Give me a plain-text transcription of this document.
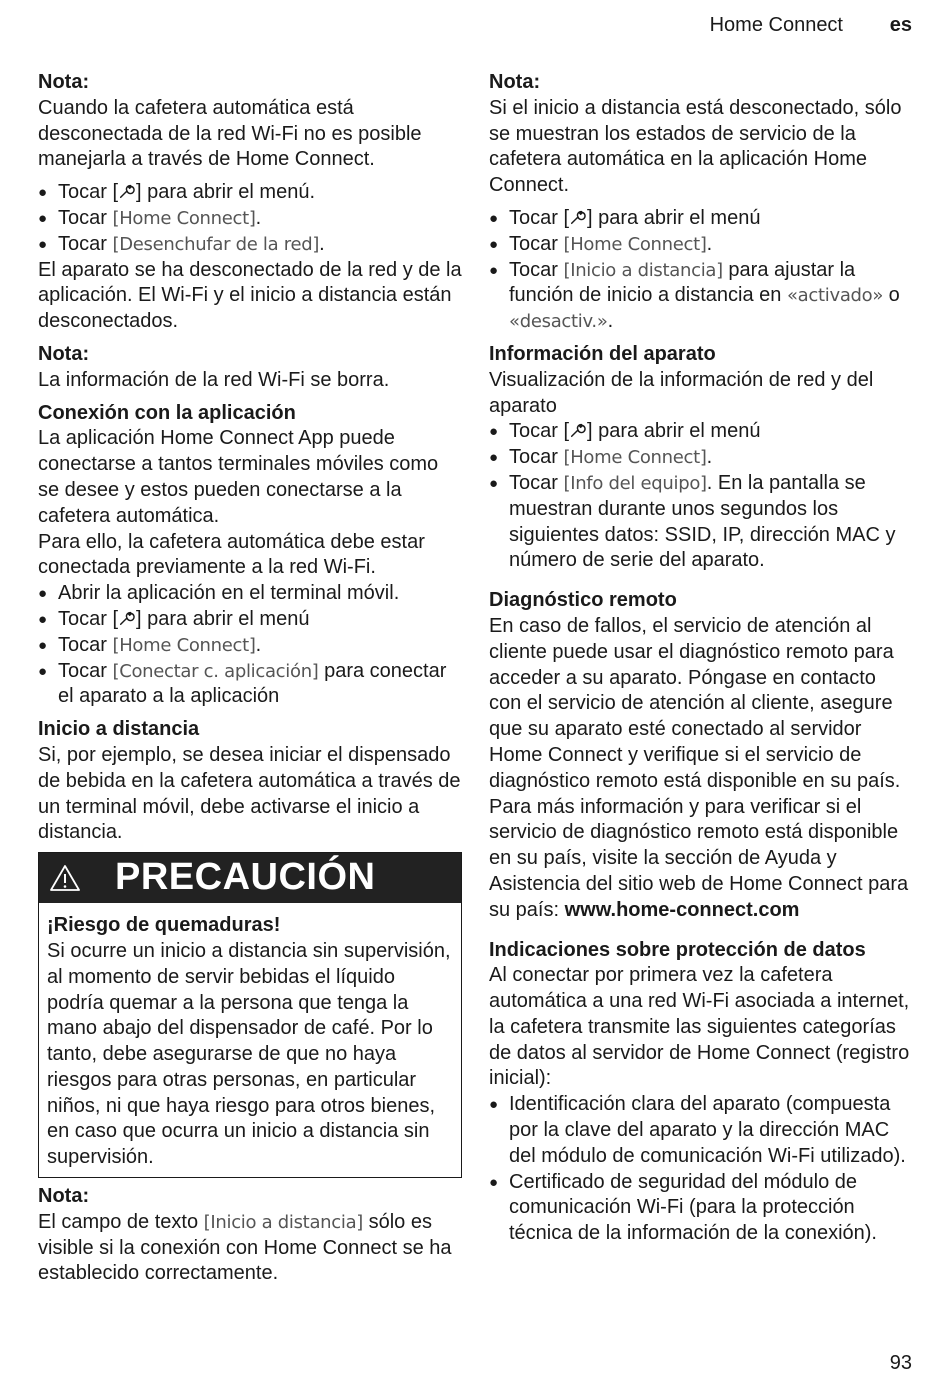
Home Connect es

Nota:

Cuando la cafetera automática está desconectada de la red Wi-Fi no es posible manejarla a través de Home Connect.

● Tocar [ ] para abrir el menú.
● Tocar [Home Connect].
● Tocar [Desenchufar de la red].

El aparato se ha desconectado de la red y de la aplicación. El Wi-Fi y el inicio a distancia están desconectados.

Nota:

La información de la red Wi-Fi se borra.

Conexión con la aplicación

La aplicación Home Connect App puede conectarse a tantos terminales móviles como se desee y estos pueden conectarse a la cafetera automática.

Para ello, la cafetera automática debe estar conectada previamente a la red Wi-Fi.

● Abrir la aplicación en el terminal móvil.
● Tocar [ ] para abrir el menú
● Tocar [Home Connect].
● Tocar [Conectar c. aplicación] para conectar el aparato a la aplicación

Inicio a distancia

Si, por ejemplo, se desea iniciar el dispensado de bebida en la cafetera automática a través de un terminal móvil, debe activarse el inicio a distancia.

PRECAUCIÓN

¡Riesgo de quemaduras!

Si ocurre un inicio a distancia sin supervisión, al momento de servir bebidas el líquido podría quemar a la persona que tenga la mano abajo del dispensador de café. Por lo tanto, debe asegurarse de que no haya riesgos para otras personas, en particular niños, ni que haya riesgo para otros bienes, en caso que ocurra un inicio a distancia sin supervisión.

Nota:

El campo de texto [Inicio a distancia] sólo es visible si la conexión con Home Connect se ha establecido correctamente.

Nota:

Si el inicio a distancia está desconectado, sólo se muestran los estados de servicio de la cafetera automática en la aplicación Home Connect.

● Tocar [ ] para abrir el menú
● Tocar [Home Connect].
● Tocar [Inicio a distancia] para ajustar la función de inicio a distancia en «activado» o «desactiv.».

Información del aparato

Visualización de la información de red y del aparato

● Tocar [ ] para abrir el menú
● Tocar [Home Connect].
● Tocar [Info del equipo]. En la pantalla se muestran durante unos segundos los siguientes datos: SSID, IP, dirección MAC y número de serie del aparato.

Diagnóstico remoto

En caso de fallos, el servicio de atención al cliente puede usar el diagnóstico remoto para acceder a su aparato. Póngase en contacto con el servicio de atención al cliente, asegure que su aparato esté conectado al servidor Home Connect y verifique si el servicio de diagnóstico remoto está disponible en su país.

Para más información y para verificar si el servicio de diagnóstico remoto está disponible en su país, visite la sección de Ayuda y Asistencia del sitio web de Home Connect para su país: www.home-connect.com

Indicaciones sobre protección de datos

Al conectar por primera vez la cafetera automática a una red Wi-Fi asociada a internet, la cafetera transmite las siguientes categorías de datos al servidor de Home Connect (registro inicial):

● Identificación clara del aparato (compuesta por la clave del aparato y la dirección MAC del módulo de comunicación Wi-Fi utilizado).
● Certificado de seguridad del módulo de comunicación Wi-Fi (para la protección técnica de la información de la conexión).
93
